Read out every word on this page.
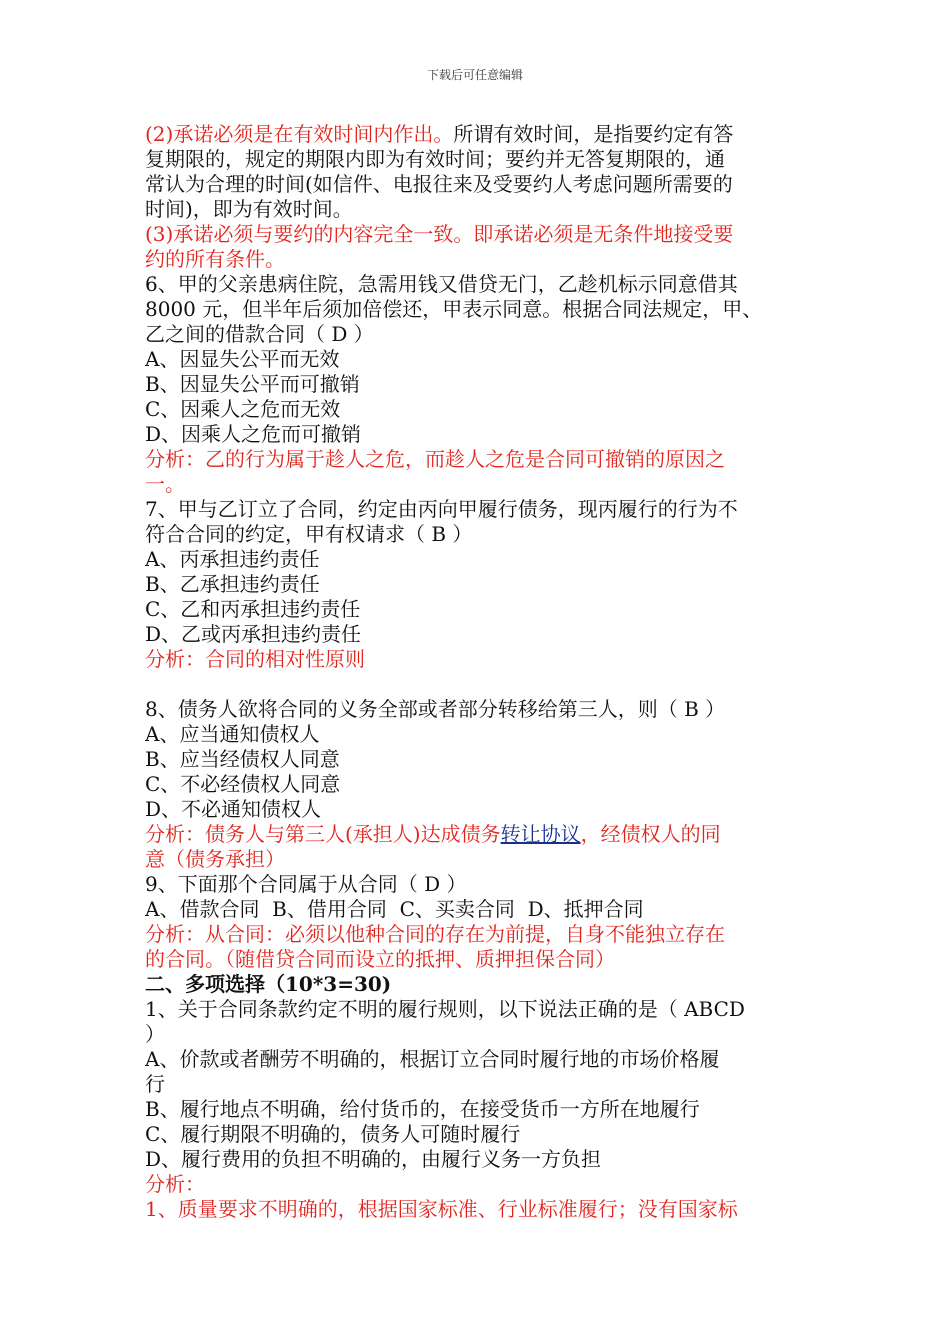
下载后可任意编辑
(2)承诺必须是在有效时间内作出。所谓有效时间，是指要约定有答
复期限的，规定的期限内即为有效时间；要约并无答复期限的，通
常认为合理的时间(如信件、电报往来及受要约人考虑问题所需要的
时间)，即为有效时间。
(3)承诺必须与要约的内容完全一致。即承诺必须是无条件地接受要
约的所有条件。
6、甲的父亲患病住院，急需用钱又借贷无门，乙趁机标示同意借其
8000 元，但半年后须加倍偿还，甲表示同意。根据合同法规定，甲、
乙之间的借款合同（ D ）
A、因显失公平而无效
B、因显失公平而可撤销
C、因乘人之危而无效
D、因乘人之危而可撤销
分析：乙的行为属于趁人之危，而趁人之危是合同可撤销的原因之
一。
7、甲与乙订立了合同，约定由丙向甲履行债务，现丙履行的行为不
符合合同的约定，甲有权请求（ B ）
A、丙承担违约责任
B、乙承担违约责任
C、乙和丙承担违约责任
D、乙或丙承担违约责任
分析：合同的相对性原则
8、债务人欲将合同的义务全部或者部分转移给第三人，则（ B ）
A、应当通知债权人
B、应当经债权人同意
C、不必经债权人同意
D、不必通知债权人
分析：债务人与第三人(承担人)达成债务转让协议，经债权人的同
意（债务承担）
9、下面那个合同属于从合同（ D ）
A、借款合同  B、借用合同  C、买卖合同  D、抵押合同
分析：从合同：必须以他种合同的存在为前提，自身不能独立存在
的合同。（随借贷合同而设立的抵押、质押担保合同）
二、多项选择（10*3=30)
1、关于合同条款约定不明的履行规则，以下说法正确的是（ ABCD
）
A、价款或者酬劳不明确的，根据订立合同时履行地的市场价格履
行
B、履行地点不明确，给付货币的，在接受货币一方所在地履行
C、履行期限不明确的，债务人可随时履行
D、履行费用的负担不明确的，由履行义务一方负担
分析：
1、质量要求不明确的，根据国家标准、行业标准履行；没有国家标
